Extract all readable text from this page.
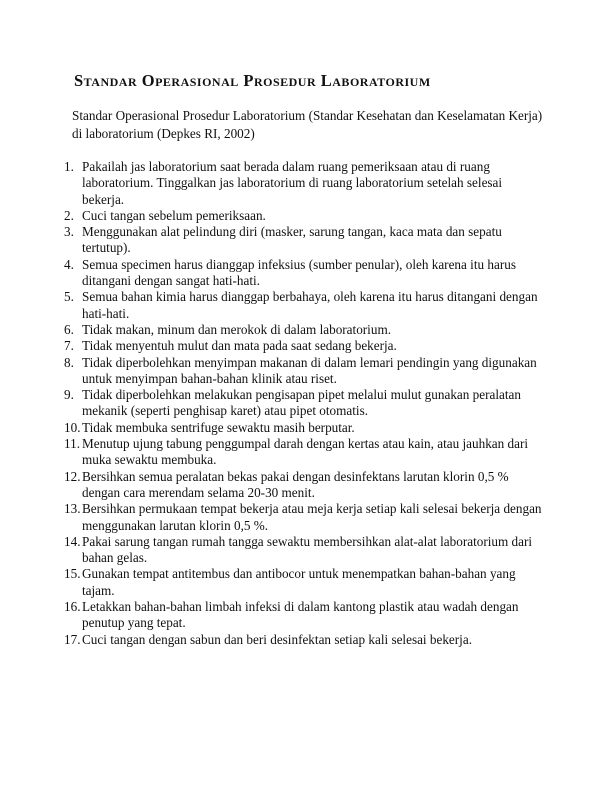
Standar Operasional Prosedur Laboratorium

Standar Operasional Prosedur Laboratorium (Standar Kesehatan dan Keselamatan Kerja) di laboratorium (Depkes RI, 2002)

1. Pakailah jas laboratorium saat berada dalam ruang pemeriksaan atau di ruang laboratorium. Tinggalkan jas laboratorium di ruang laboratorium setelah selesai bekerja.
2. Cuci tangan sebelum pemeriksaan.
3. Menggunakan alat pelindung diri (masker, sarung tangan, kaca mata dan sepatu tertutup).
4. Semua specimen harus dianggap infeksius (sumber penular), oleh karena itu harus ditangani dengan sangat hati-hati.
5. Semua bahan kimia harus dianggap berbahaya, oleh karena itu harus ditangani dengan hati-hati.
6. Tidak makan, minum dan merokok di dalam laboratorium.
7. Tidak menyentuh mulut dan mata pada saat sedang bekerja.
8. Tidak diperbolehkan menyimpan makanan di dalam lemari pendingin yang digunakan untuk menyimpan bahan-bahan klinik atau riset.
9. Tidak diperbolehkan melakukan pengisapan pipet melalui mulut gunakan peralatan mekanik (seperti penghisap karet) atau pipet otomatis.
10. Tidak membuka sentrifuge sewaktu masih berputar.
11. Menutup ujung tabung penggumpal darah dengan kertas atau kain, atau jauhkan dari muka sewaktu membuka.
12. Bersihkan semua peralatan bekas pakai dengan desinfektans larutan klorin 0,5 % dengan cara merendam selama 20-30 menit.
13. Bersihkan permukaan tempat bekerja atau meja kerja setiap kali selesai bekerja dengan menggunakan larutan klorin 0,5 %.
14. Pakai sarung tangan rumah tangga sewaktu membersihkan alat-alat laboratorium dari bahan gelas.
15. Gunakan tempat antitembus dan antibocor untuk menempatkan bahan-bahan yang tajam.
16. Letakkan bahan-bahan limbah infeksi di dalam kantong plastik atau wadah dengan penutup yang tepat.
17. Cuci tangan dengan sabun dan beri desinfektan setiap kali selesai bekerja.
